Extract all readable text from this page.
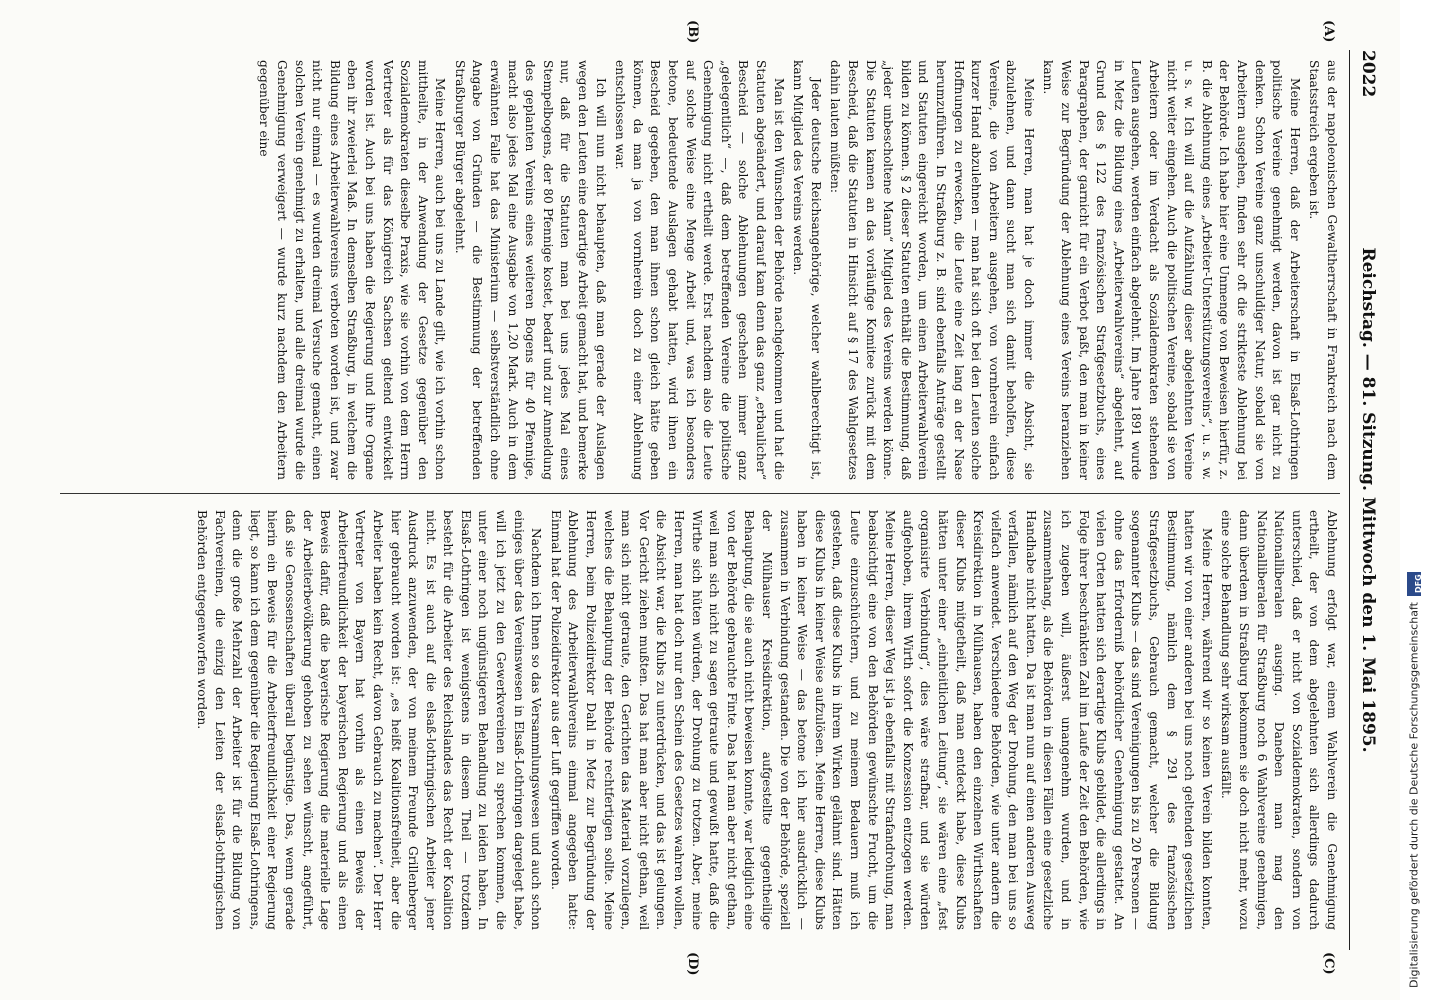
2022
Reichstag. — 81. Sitzung. Mittwoch den 1. Mai 1895.
(A)
(B)
(C)
(D)

aus der napoleonischen Gewaltherrschaft in Frankreich nach dem Staatsstreich ergeben ist.

Meine Herren, daß der Arbeiterschaft in Elsaß-Lothringen politische Vereine genehmigt werden, davon ist gar nicht zu denken. Schon Vereine ganz unschuldiger Natur, sobald sie von Arbeitern ausgehen, finden sehr oft die strikteste Ablehnung bei der Behörde. Ich habe hier eine Unmenge von Beweisen hierfür, z. B. die Ablehnung eines „Arbeiter-Unterstützungsvereins“, u. s. w. u. s. w. Ich will auf die Aufzählung dieser abgelehnten Vereine nicht weiter eingehen. Auch die politischen Vereine, sobald sie von Arbeitern oder im Verdacht als Sozialdemokraten stehenden Leuten ausgehen, werden einfach abgelehnt. Im Jahre 1891 wurde in Metz die Bildung eines „Arbeiterwahlvereins“ abgelehnt, auf Grund des § 122 des französischen Strafgesetzbuchs, eines Paragraphen, der garnicht für ein Verbot paßt, den man in keiner Weise zur Begründung der Ablehnung eines Vereins heranziehen kann.

Meine Herren, man hat je doch immer die Absicht, sie abzulehnen, und dann sucht man sich damit beholfen, diese Vereine, die von Arbeitern ausgehen, von vornherein einfach kurzer Hand abzulehnen — man hat sich oft bei den Leuten solche Hoffnungen zu erwecken, die Leute eine Zeit lang an der Nase herumzuführen. In Straßburg z. B. sind ebenfalls Anträge gestellt und Statuten eingereicht worden, um einen Arbeiterwahlverein bilden zu können. § 2 dieser Statuten enthält die Bestimmung, daß „jeder unbescholtene Mann“ Mitglied des Vereins werden könne. Die Statuten kamen an das vorläufige Komitee zurück mit dem Bescheid, daß die Statuten in Hinsicht auf § 17 des Wahlgesetzes dahin lauten müßten:

Jeder deutsche Reichsangehörige, welcher wahlberechtigt ist, kann Mitglied des Vereins werden.

Man ist den Wünschen der Behörde nachgekommen und hat die Statuten abgeändert, und darauf kam denn das ganz „erbaulicher“ Bescheid — solche Ablehnungen geschehen immer ganz „gelegentlich“ —, daß dem betreffenden Vereine die politische Genehmigung nicht ertheilt werde. Erst nachdem also die Leute auf solche Weise eine Menge Arbeit und, was ich besonders betone, bedeutende Auslagen gehabt hatten, wird ihnen ein Bescheid gegeben, den man ihnen schon gleich hätte geben können, da man ja von vornherein doch zu einer Ablehnung entschlossen war.

Ich will nun nicht behaupten, daß man gerade der Auslagen wegen den Leuten eine derartige Arbeit gemacht hat, und bemerke nur, daß für die Statuten man bei uns jedes Mal eines Stempelbogens, der 80 Pfennige kostet, bedarf und zur Anmeldung des geplanten Vereins eines weiteren Bogens für 40 Pfennige, macht also jedes Mal eine Ausgabe von 1,20 Mark. Auch in dem erwähnten Falle hat das Ministerium — selbstverständlich ohne Angabe von Gründen — die Bestimmung der betreffenden Straßburger Bürger abgelehnt.

Meine Herren, auch bei uns zu Lande gilt, wie ich vorhin schon mittheilte, in der Anwendung der Gesetze gegenüber den Sozialdemokraten dieselbe Praxis, wie sie vorhin von dem Herrn Vertreter als für das Königreich Sachsen geltend entwickelt worden ist. Auch bei uns haben die Regierung und ihre Organe eben ihr zweierlei Maß. In demselben Straßburg, in welchem die Bildung eines Arbeiterwahlvereins verboten worden ist, und zwar nicht nur einmal — es wurden dreimal Versuche gemacht, einen solchen Verein genehmigt zu erhalten, und alle dreimal wurde die Genehmigung verweigert — wurde kurz nachdem den Arbeitern gegenüber eine

Ablehnung erfolgt war, einem Wahlverein die Genehmigung ertheilt, der von dem abgelehnten sich allerdings dadurch unterschied, daß er nicht von Sozialdemokraten, sondern von Nationalliberalen ausging. Daneben man mag den Nationalliberalen für Straßburg noch 6 Wahlvereine genehmigen, dann überdem in Straßburg bekommen sie doch nicht mehr, wozu eine solche Behandlung sehr wirksam ausfällt.

Meine Herren, während wir so keinen Verein bilden konnten, hatten wir von einer anderen bei uns noch geltenden gesetzlichen Bestimmung, nämlich dem § 291 des französischen Strafgesetzbuchs, Gebrauch gemacht, welcher die Bildung sogenannter Klubs — das sind Vereinigungen bis zu 20 Personen — ohne das Erforderniß behördlicher Genehmigung gestattet. An vielen Orten hatten sich derartige Klubs gebildet, die allerdings in Folge ihrer beschränkten Zahl im Laufe der Zeit den Behörden, wie ich zugeben will, äußerst unangenehm wurden, und in zusammenhang, als die Behörden in diesen Fällen eine gesetzliche Handhabe nicht hatten. Da ist man nun auf einen anderen Ausweg verfallen, nämlich auf den Weg der Drohung, den man bei uns so vielfach anwendet. Verschiedene Behörden, wie unter andern die Kreisdirektion in Mülhausen, haben den einzelnen Wirthschaften dieser Klubs mitgetheilt, daß man entdeckt habe, diese Klubs hätten unter einer „einheitlichen Leitung“, sie wären eine „fest organisirte Verbindung“, dies wäre strafbar, und sie würden aufgehoben, ihrem Wirth sofort die Konzession entzogen werden. Meine Herren, dieser Weg ist ja ebenfalls mit Strafandrohung, man beabsichtigt eine von den Behörden gewünschte Frucht, um die Leute einzuschüchtern, und zu meinem Bedauern muß ich gestehen, daß diese Klubs in ihrem Wirken gelähmt sind. Hätten diese Klubs in keiner Weise aufzulösen. Meine Herren, diese Klubs haben in keiner Weise — das betone ich hier ausdrücklich — zusammen in Verbindung gestanden. Die von der Behörde, speziell der Mülhauser Kreisdirektion, aufgestellte gegentheilige Behauptung, die sie auch nicht beweisen konnte, war lediglich eine von der Behörde gebrauchte Finte. Das hat man aber nicht gethan, weil man sich nicht zu sagen getraute und gewußt hatte, daß die Wirthe sich hüten würden, der Drohung zu trotzen. Aber, meine Herren, man hat doch nur den Schein des Gesetzes wahren wollen, die Absicht war, die Klubs zu unterdrücken, und das ist gelungen. Vor Gericht ziehen mußten. Das hat man aber nicht gethan, weil man sich nicht getraute, den Gerichten das Material vorzulegen, welches die Behauptung der Behörde rechtfertigen sollte. Meine Herren, beim Polizeidirektor Dahl in Metz zur Begründung der Ablehnung des Arbeiterwahlvereins einmal angegeben hatte: Einmal hat der Polizeidirektor aus der Luft gegriffen worden.

Nachdem ich Ihnen so das Versammlungswesen und auch schon einiges über das Vereinswesen in Elsaß-Lothringen dargelegt habe, will ich jetzt zu den Gewerkvereinen zu sprechen kommen, die unter einer noch ungünstigeren Behandlung zu leiden haben. In Elsaß-Lothringen ist wenigstens in diesem Theil — trotzdem besteht für die Arbeiter des Reichslandes das Recht der Koalition nicht. Es ist auch auf die elsaß-lothringischen Arbeiter jener Ausdruck anzuwenden, der von meinem Freunde Grillenberger hier gebraucht worden ist: „es heißt Koalitionsfreiheit, aber die Arbeiter haben kein Recht, davon Gebrauch zu machen“. Der Herr Vertreter von Bayern hat vorhin als einen Beweis der Arbeiterfreundlichkeit der bayerischen Regierung und als einen Beweis dafür, daß die bayerische Regierung die materielle Lage der Arbeiterbevölkerung gehoben zu sehen wünscht, angeführt, daß sie Genossenschaften überall begünstige. Das, wenn gerade hierin ein Beweis für die Arbeiterfreundlichkeit einer Regierung liegt, so kann ich dem gegenüber die Regierung Elsaß-Lothringens, denn die große Mehrzahl der Arbeiter ist für die Bildung von Fachvereinen, die einzig den Leiten der elsaß-lothringischen Behörden entgegenworfen worden.	Digitalisierung gefördert durch die Deutsche Forschungsgemeinschaft
DFG
